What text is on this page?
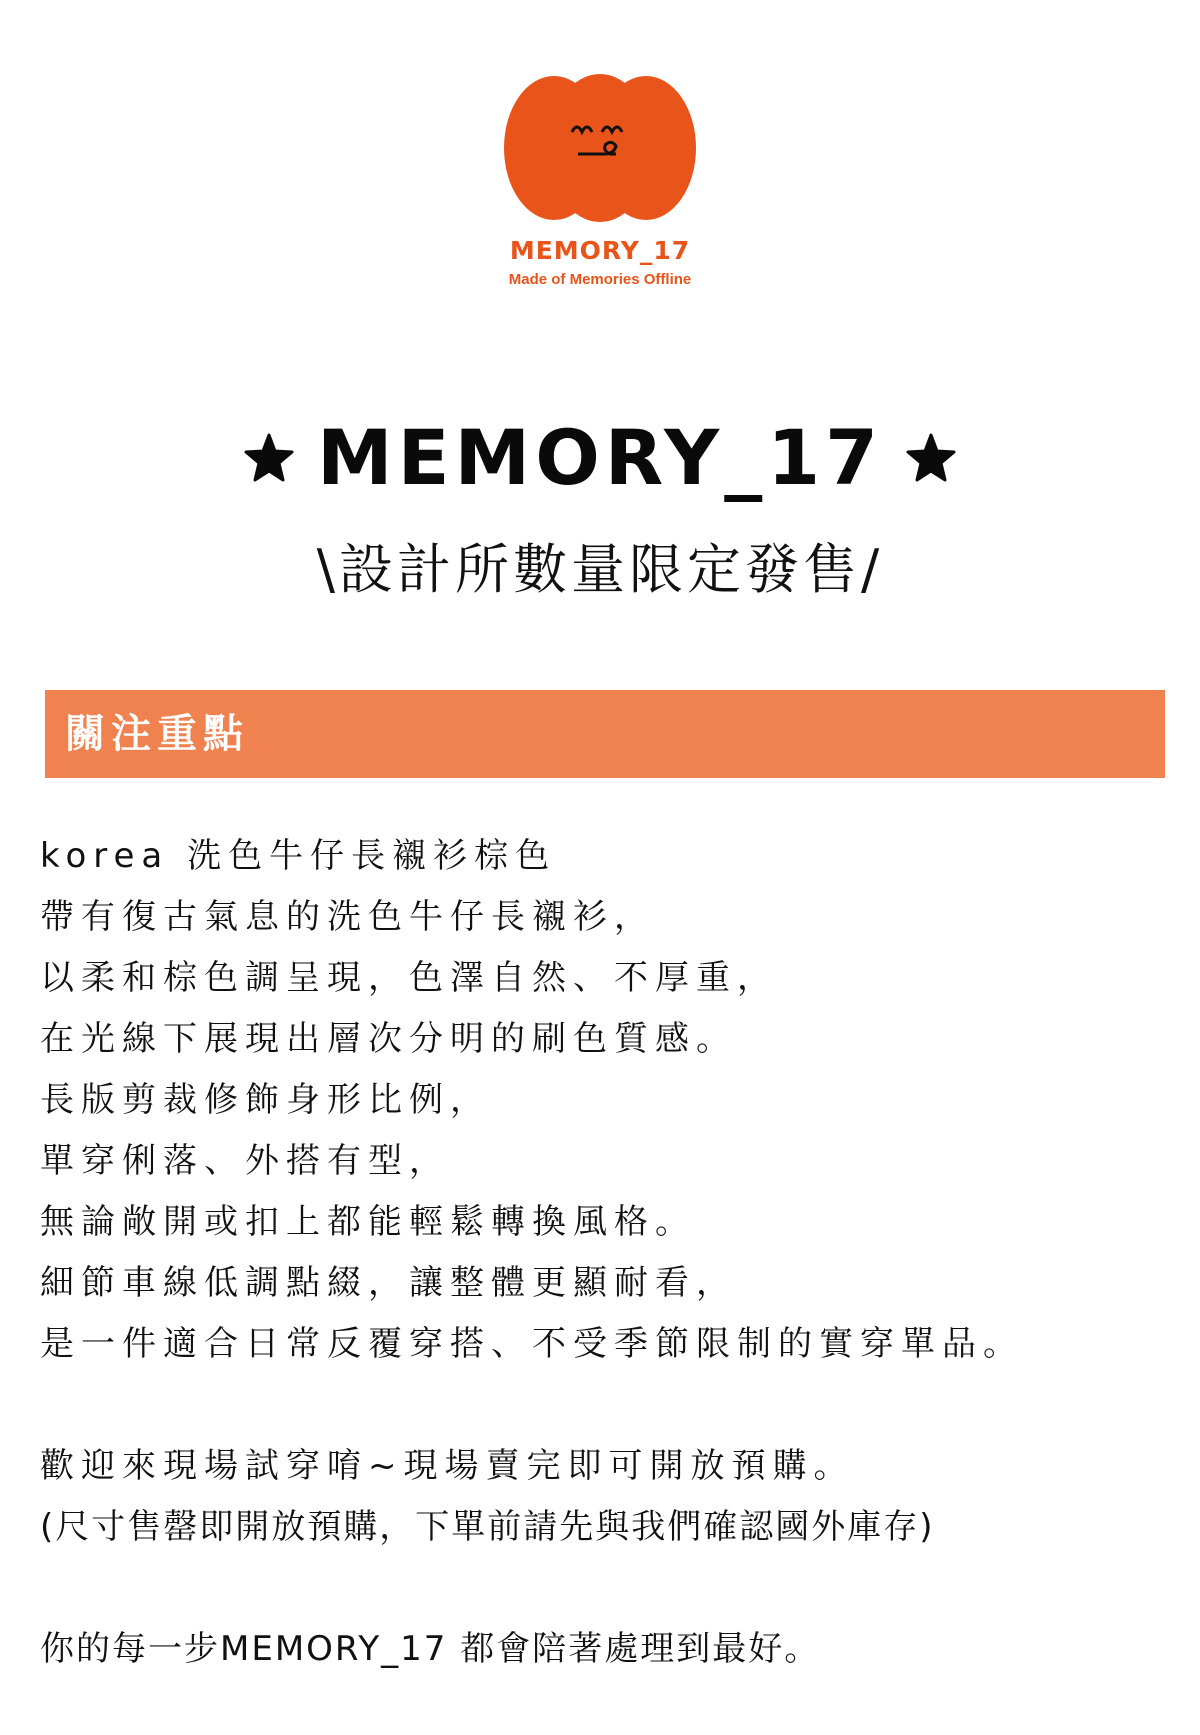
MEMORY_17
Made of Memories Offline
MEMORY_17
\設計所數量限定發售/
關注重點
korea 洗色牛仔長襯衫棕色
帶有復古氣息的洗色牛仔長襯衫，
以柔和棕色調呈現，色澤自然、不厚重，
在光線下展現出層次分明的刷色質感。
長版剪裁修飾身形比例，
單穿俐落、外搭有型，
無論敞開或扣上都能輕鬆轉換風格。
細節車線低調點綴，讓整體更顯耐看，
是一件適合日常反覆穿搭、不受季節限制的實穿單品。
歡迎來現場試穿唷~現場賣完即可開放預購。
(尺寸售罄即開放預購，下單前請先與我們確認國外庫存)
你的每一步MEMORY_17 都會陪著處理到最好。
